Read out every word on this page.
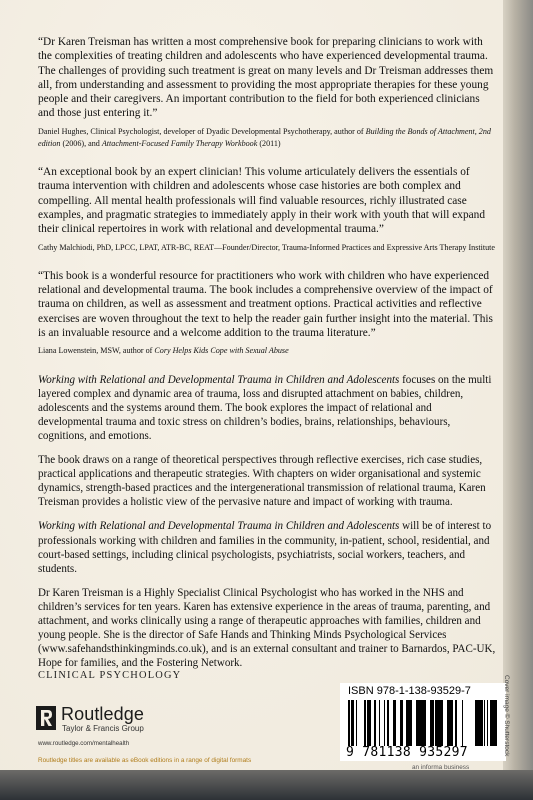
“Dr Karen Treisman has written a most comprehensive book for preparing clinicians to work with the complexities of treating children and adolescents who have experienced developmental trauma. The challenges of providing such treatment is great on many levels and Dr Treisman addresses them all, from understanding and assessment to providing the most appropriate therapies for these young people and their caregivers. An important contribution to the field for both experienced clinicians and those just entering it.”

Daniel Hughes, Clinical Psychologist, developer of Dyadic Developmental Psychotherapy, author of Building the Bonds of Attachment, 2nd edition (2006), and Attachment-Focused Family Therapy Workbook (2011)

“An exceptional book by an expert clinician! This volume articulately delivers the essentials of trauma intervention with children and adolescents whose case histories are both complex and compelling. All mental health professionals will find valuable resources, richly illustrated case examples, and pragmatic strategies to immediately apply in their work with youth that will expand their clinical repertoires in work with relational and developmental trauma.”

Cathy Malchiodi, PhD, LPCC, LPAT, ATR-BC, REAT—Founder/Director, Trauma-Informed Practices and Expressive Arts Therapy Institute

“This book is a wonderful resource for practitioners who work with children who have experienced relational and developmental trauma. The book includes a comprehensive overview of the impact of trauma on children, as well as assessment and treatment options. Practical activities and reflective exercises are woven throughout the text to help the reader gain further insight into the material. This is an invaluable resource and a welcome addition to the trauma literature.”

Liana Lowenstein, MSW, author of Cory Helps Kids Cope with Sexual Abuse

Working with Relational and Developmental Trauma in Children and Adolescents focuses on the multi layered complex and dynamic area of trauma, loss and disrupted attachment on babies, children, adolescents and the systems around them. The book explores the impact of relational and developmental trauma and toxic stress on children’s bodies, brains, relationships, behaviours, cognitions, and emotions.

The book draws on a range of theoretical perspectives through reflective exercises, rich case studies, practical applications and therapeutic strategies. With chapters on wider organisational and systemic dynamics, strength-based practices and the intergenerational transmission of relational trauma, Karen Treisman provides a holistic view of the pervasive nature and impact of working with trauma.

Working with Relational and Developmental Trauma in Children and Adolescents will be of interest to professionals working with children and families in the community, in-patient, school, residential, and court-based settings, including clinical psychologists, psychiatrists, social workers, teachers, and students.

Dr Karen Treisman is a Highly Specialist Clinical Psychologist who has worked in the NHS and children’s services for ten years. Karen has extensive experience in the areas of trauma, parenting, and attachment, and works clinically using a range of therapeutic approaches with families, children and young people. She is the director of Safe Hands and Thinking Minds Psychological Services (www.safehandsthinkingminds.co.uk), and is an external consultant and trainer to Barnardos, PAC-UK, Hope for families, and the Fostering Network.

CLINICAL PSYCHOLOGY
Routledge
Taylor & Francis Group
www.routledge.com/mentalhealth
Routledge titles are available as eBook editions in a range of digital formats
ISBN 978-1-138-93529-7
9 781138 935297
an informa business
Cover image © Shutterstock
